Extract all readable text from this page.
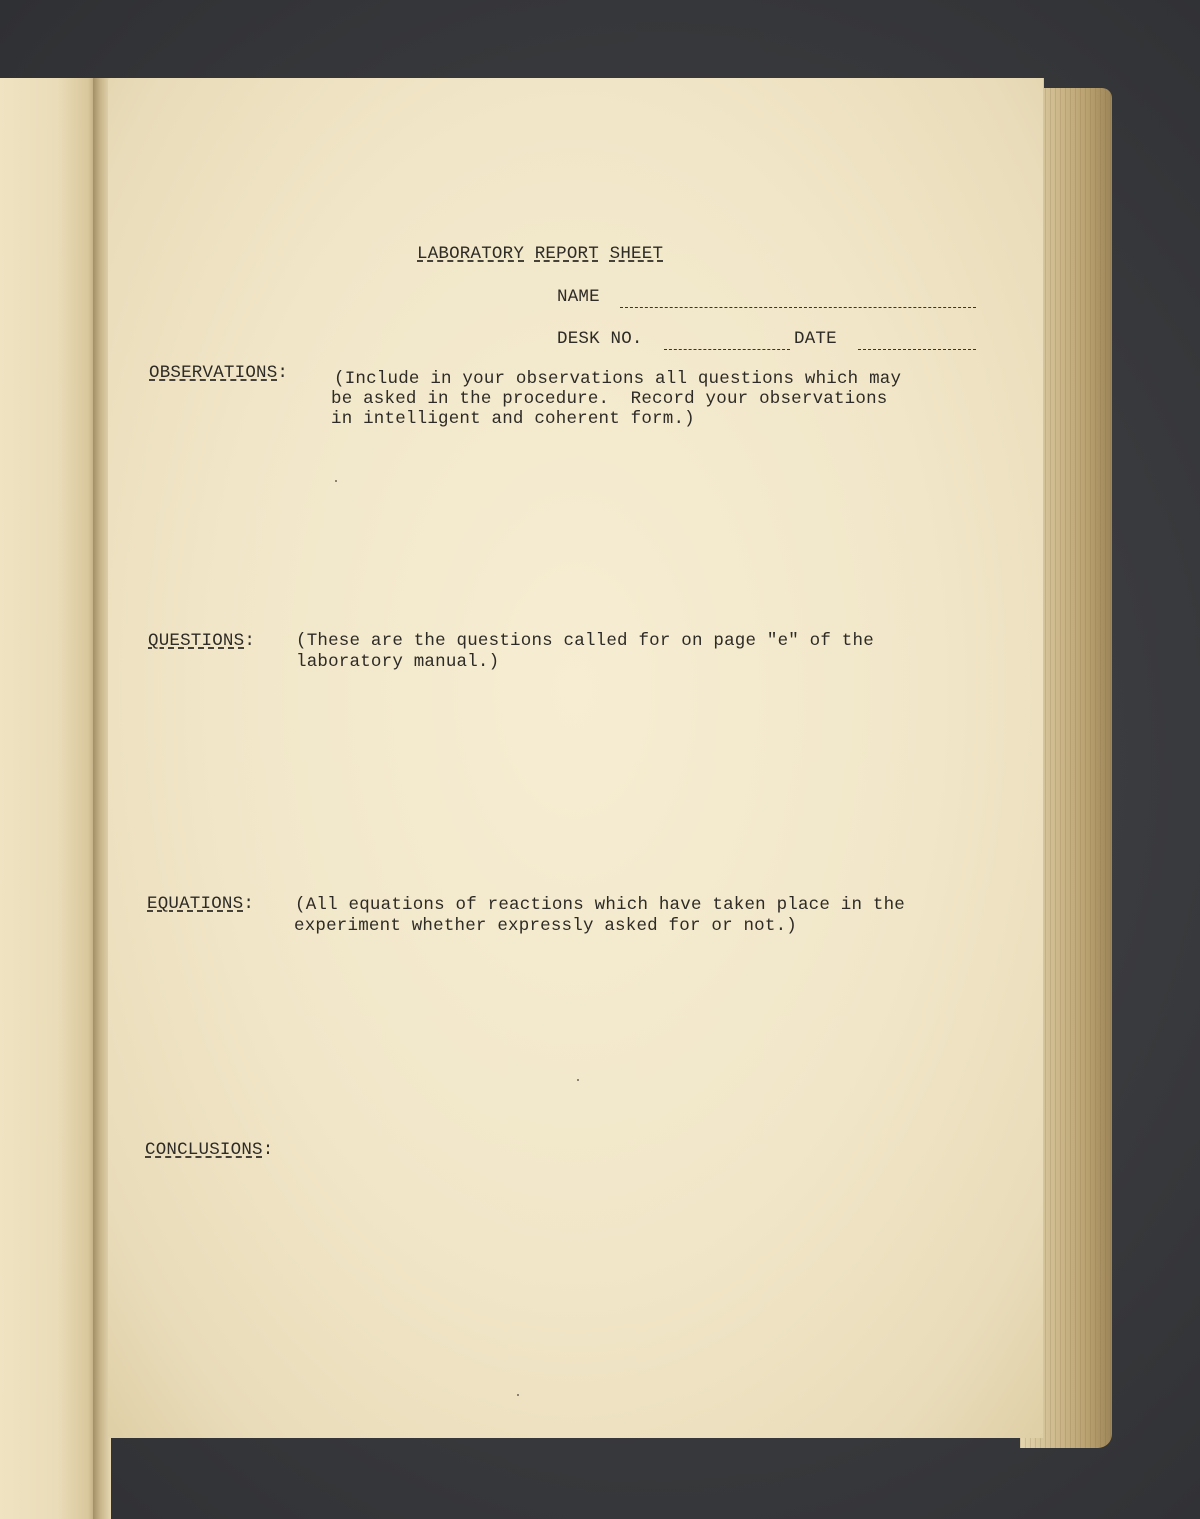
LABORATORY REPORT SHEET
NAME
DESK NO.	DATE
OBSERVATIONS:	(Include in your observations all questions which may
be asked in the procedure.  Record your observations
in intelligent and coherent form.)
QUESTIONS: (These are the questions called for on page "e" of the
laboratory manual.)
EQUATIONS: (All equations of reactions which have taken place in the
experiment whether expressly asked for or not.)
CONCLUSIONS:
